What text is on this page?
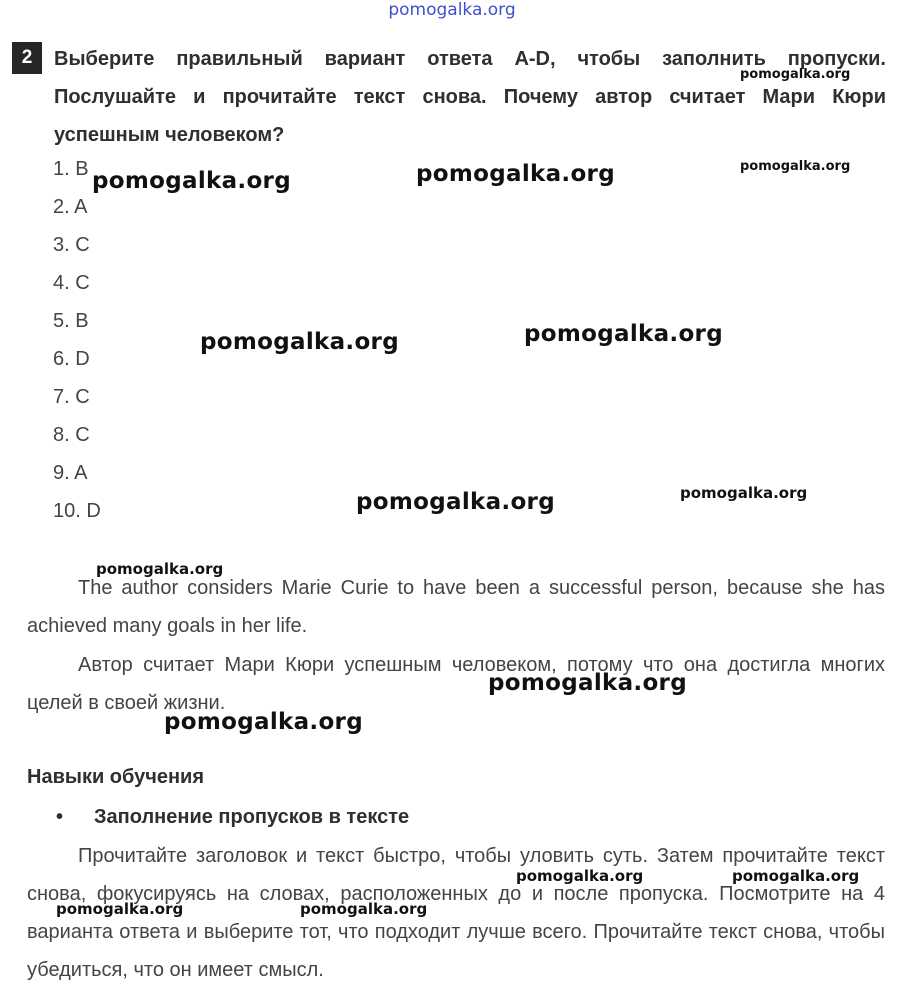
pomogalka.org
2	Выберите правильный вариант ответа A-D, чтобы заполнить пропуски. Послушайте и прочитайте текст снова. Почему автор считает Мари Кюри успешным человеком?
1. B
2. A
3. C
4. C
5. B
6. D
7. C
8. C
9. A
10. D

The author considers Marie Curie to have been a successful person, because she has achieved many goals in her life.

Автор считает Мари Кюри успешным человеком, потому что она достигла многих целей в своей жизни.

Навыки обучения
• Заполнение пропусков в тексте

Прочитайте заголовок и текст быстро, чтобы уловить суть. Затем прочитайте текст снова, фокусируясь на словах, расположенных до и после пропуска. Посмотрите на 4 варианта ответа и выберите тот, что подходит лучше всего. Прочитайте текст снова, чтобы убедиться, что он имеет смысл.

pomogalka.org	pomogalka.org
pomogalka.org
pomogalka.org
pomogalka.org	pomogalka.org
pomogalka.org	pomogalka.org
pomogalka.org
pomogalka.org
pomogalka.org
pomogalka.org	pomogalka.org
pomogalka.org	pomogalka.org
